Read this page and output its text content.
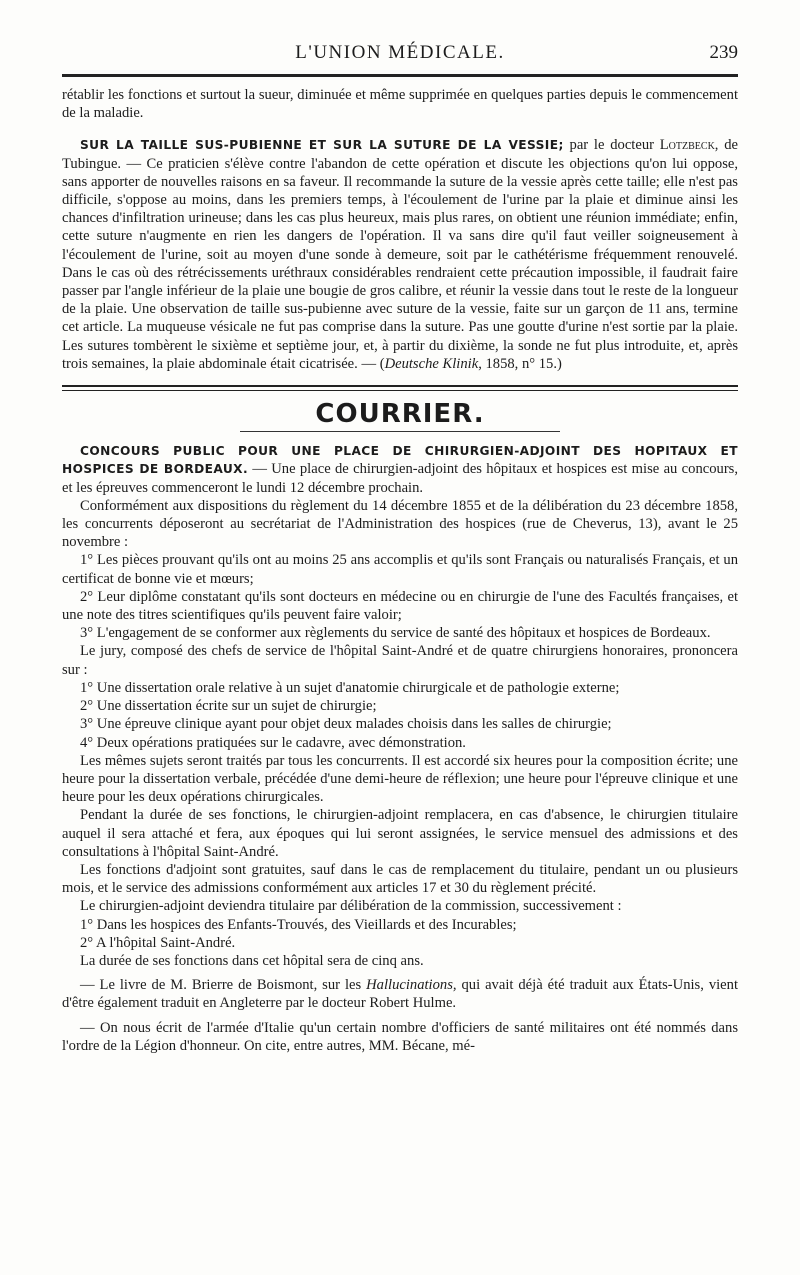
L'UNION MÉDICALE.	239

rétablir les fonctions et surtout la sueur, diminuée et même supprimée en quelques parties depuis le commencement de la maladie.

SUR LA TAILLE SUS-PUBIENNE ET SUR LA SUTURE DE LA VESSIE; par le docteur Lotzbeck, de Tubingue. — Ce praticien s'élève contre l'abandon de cette opération et discute les objections qu'on lui oppose, sans apporter de nouvelles raisons en sa faveur. Il recommande la suture de la vessie après cette taille; elle n'est pas difficile, s'oppose au moins, dans les premiers temps, à l'écoulement de l'urine par la plaie et diminue ainsi les chances d'infiltration urineuse; dans les cas plus heureux, mais plus rares, on obtient une réunion immédiate; enfin, cette suture n'augmente en rien les dangers de l'opération. Il va sans dire qu'il faut veiller soigneusement à l'écoulement de l'urine, soit au moyen d'une sonde à demeure, soit par le cathétérisme fréquemment renouvelé. Dans le cas où des rétrécissements uréthraux considérables rendraient cette précaution impossible, il faudrait faire passer par l'angle inférieur de la plaie une bougie de gros calibre, et réunir la vessie dans tout le reste de la longueur de la plaie. Une observation de taille sus-pubienne avec suture de la vessie, faite sur un garçon de 11 ans, termine cet article. La muqueuse vésicale ne fut pas comprise dans la suture. Pas une goutte d'urine n'est sortie par la plaie. Les sutures tombèrent le sixième et septième jour, et, à partir du dixième, la sonde ne fut plus introduite, et, après trois semaines, la plaie abdominale était cicatrisée. — (Deutsche Klinik, 1858, n° 15.)

COURRIER.

CONCOURS PUBLIC POUR UNE PLACE DE CHIRURGIEN-ADJOINT DES HOPITAUX ET HOSPICES DE BORDEAUX. — Une place de chirurgien-adjoint des hôpitaux et hospices est mise au concours, et les épreuves commenceront le lundi 12 décembre prochain.

Conformément aux dispositions du règlement du 14 décembre 1855 et de la délibération du 23 décembre 1858, les concurrents déposeront au secrétariat de l'Administration des hospices (rue de Cheverus, 13), avant le 25 novembre :

1° Les pièces prouvant qu'ils ont au moins 25 ans accomplis et qu'ils sont Français ou naturalisés Français, et un certificat de bonne vie et mœurs;

2° Leur diplôme constatant qu'ils sont docteurs en médecine ou en chirurgie de l'une des Facultés françaises, et une note des titres scientifiques qu'ils peuvent faire valoir;

3° L'engagement de se conformer aux règlements du service de santé des hôpitaux et hospices de Bordeaux.

Le jury, composé des chefs de service de l'hôpital Saint-André et de quatre chirurgiens honoraires, prononcera sur :

1° Une dissertation orale relative à un sujet d'anatomie chirurgicale et de pathologie externe;

2° Une dissertation écrite sur un sujet de chirurgie;

3° Une épreuve clinique ayant pour objet deux malades choisis dans les salles de chirurgie;

4° Deux opérations pratiquées sur le cadavre, avec démonstration.

Les mêmes sujets seront traités par tous les concurrents. Il est accordé six heures pour la composition écrite; une heure pour la dissertation verbale, précédée d'une demi-heure de réflexion; une heure pour l'épreuve clinique et une heure pour les deux opérations chirurgicales.

Pendant la durée de ses fonctions, le chirurgien-adjoint remplacera, en cas d'absence, le chirurgien titulaire auquel il sera attaché et fera, aux époques qui lui seront assignées, le service mensuel des admissions et des consultations à l'hôpital Saint-André.

Les fonctions d'adjoint sont gratuites, sauf dans le cas de remplacement du titulaire, pendant un ou plusieurs mois, et le service des admissions conformément aux articles 17 et 30 du règlement précité.

Le chirurgien-adjoint deviendra titulaire par délibération de la commission, successivement :

1° Dans les hospices des Enfants-Trouvés, des Vieillards et des Incurables;

2° A l'hôpital Saint-André.

La durée de ses fonctions dans cet hôpital sera de cinq ans.

— Le livre de M. Brierre de Boismont, sur les Hallucinations, qui avait déjà été traduit aux États-Unis, vient d'être également traduit en Angleterre par le docteur Robert Hulme.

— On nous écrit de l'armée d'Italie qu'un certain nombre d'officiers de santé militaires ont été nommés dans l'ordre de la Légion d'honneur. On cite, entre autres, MM. Bécane, mé-
